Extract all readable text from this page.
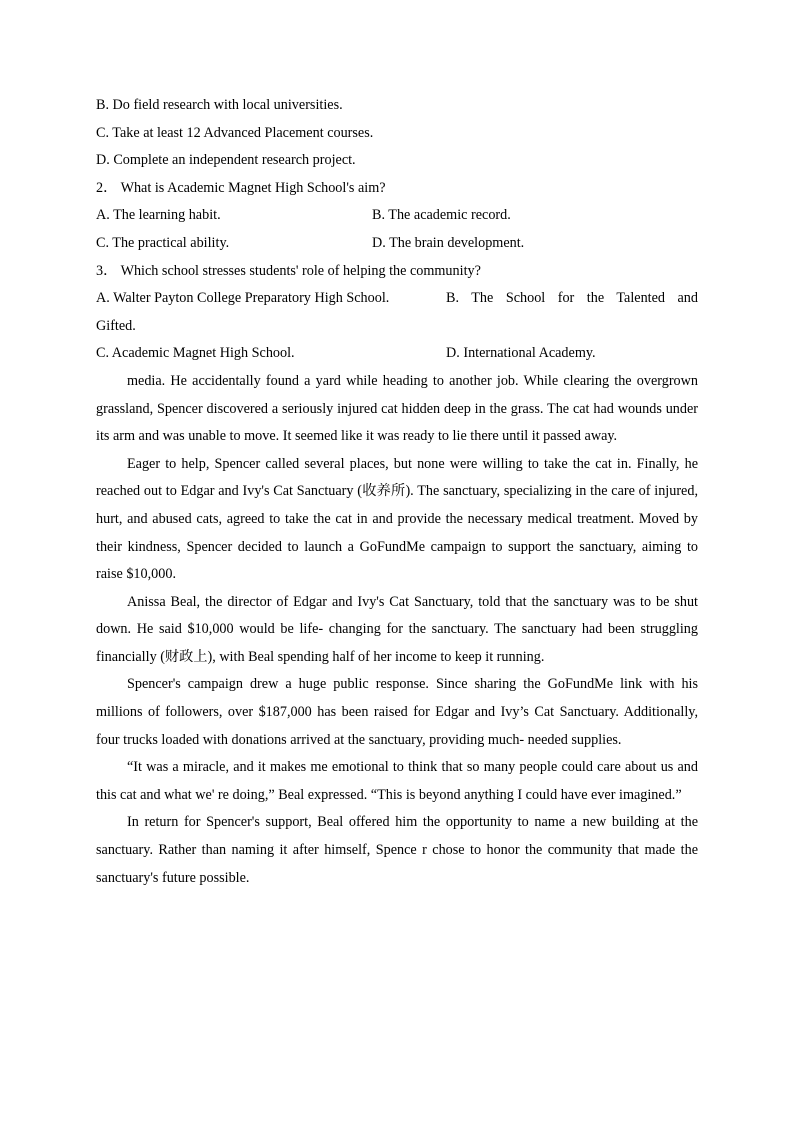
B. Do field research with local universities.

C. Take at least 12 Advanced Placement courses.

D. Complete an independent research project.

2． What is Academic Magnet High School's aim?

A. The learning habit.	B. The academic record.
C. The practical ability.	D. The brain development.

3． Which school stresses students' role of helping the community?

A. Walter Payton College Preparatory High School.	B. The School for the Talented and

Gifted.

C. Academic Magnet High School.	D. International Academy.

media. He accidentally found a yard while heading to another job. While clearing the overgrown grassland, Spencer discovered a seriously injured cat hidden deep in the grass. The cat had wounds under its arm and was unable to move. It seemed like it was ready to lie there until it passed away.

Eager to help, Spencer called several places, but none were willing to take the cat in. Finally, he reached out to Edgar and Ivy's Cat Sanctuary (收养所). The sanctuary, specializing in the care of injured, hurt, and abused cats, agreed to take the cat in and provide the necessary medical treatment. Moved by their kindness, Spencer decided to launch a GoFundMe campaign to support the sanctuary, aiming to raise $10,000.

Anissa Beal, the director of Edgar and Ivy's Cat Sanctuary, told that the sanctuary was to be shut down. He said $10,000 would be life- changing for the sanctuary. The sanctuary had been struggling financially (财政上), with Beal spending half of her income to keep it running.

Spencer's campaign drew a huge public response. Since sharing the GoFundMe link with his millions of followers, over $187,000 has been raised for Edgar and Ivy’s Cat Sanctuary. Additionally, four trucks loaded with donations arrived at the sanctuary, providing much- needed supplies.

“It was a miracle, and it makes me emotional to think that so many people could care about us and this cat and what we' re doing,” Beal expressed. “This is beyond anything I could have ever imagined.”

In return for Spencer's support, Beal offered him the opportunity to name a new building at the sanctuary. Rather than naming it after himself, Spence r chose to honor the community that made the sanctuary's future possible.
